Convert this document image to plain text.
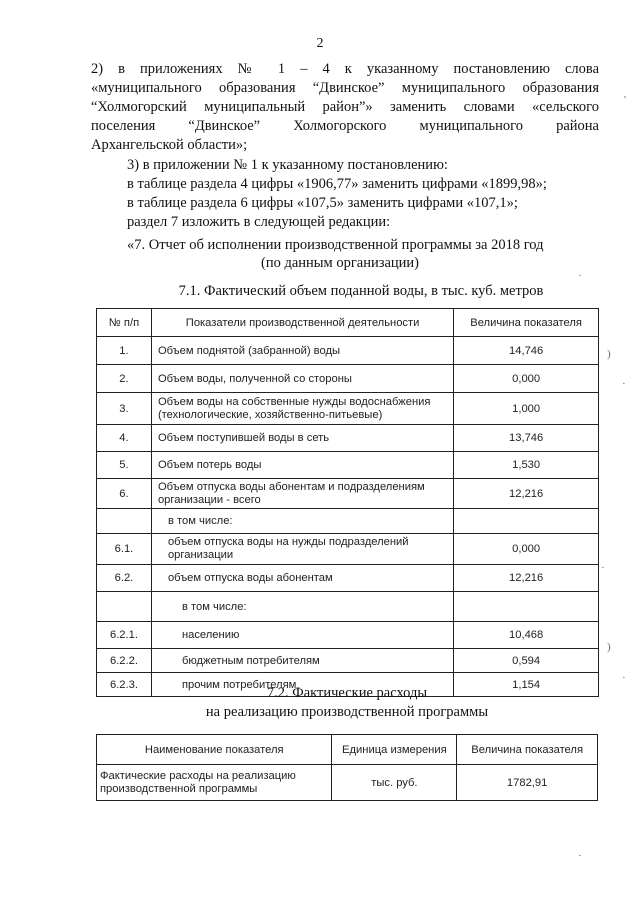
2
2) в приложениях № 1 – 4 к указанному постановлению слова
«муниципального образования “Двинское” муниципального образования
“Холмогорский муниципальный район”» заменить словами «сельского
поселения “Двинское” Холмогорского муниципального района
Архангельской области»;
3) в приложении № 1 к указанному постановлению:
в таблице раздела 4 цифры «1906,77» заменить цифрами «1899,98»;
в таблице раздела 6 цифры «107,5» заменить цифрами «107,1»;
раздел 7 изложить в следующей редакции:
«7. Отчет об исполнении производственной программы за 2018 год
(по данным организации)
7.1. Фактический объем поданной воды, в тыс. куб. метров
№ п/п	Показатели производственной деятельности	Величина показателя
1.	Объем поднятой (забранной) воды	14,746
2.	Объем воды, полученной со стороны	0,000
3.	Объем воды на собственные нужды водоснабжения
(технологические, хозяйственно-питьевые)	1,000
4.	Объем поступившей воды в сеть	13,746
5.	Объем потерь воды	1,530
6.	Объем отпуска воды абонентам и подразделениям
организации - всего	12,216
	в том числе:	
6.1.	объем отпуска воды на нужды подразделений
организации	0,000
6.2.	объем отпуска воды абонентам	12,216
	в том числе:	
6.2.1.	населению	10,468
6.2.2.	бюджетным потребителям	0,594
6.2.3.	прочим потребителям	1,154
7.2. Фактические расходы
на реализацию производственной программы
Наименование показателя	Единица измерения	Величина показателя
Фактические расходы на реализацию
производственной программы	тыс. руб.	1782,91
'
)
·
)
·
·
·
·
